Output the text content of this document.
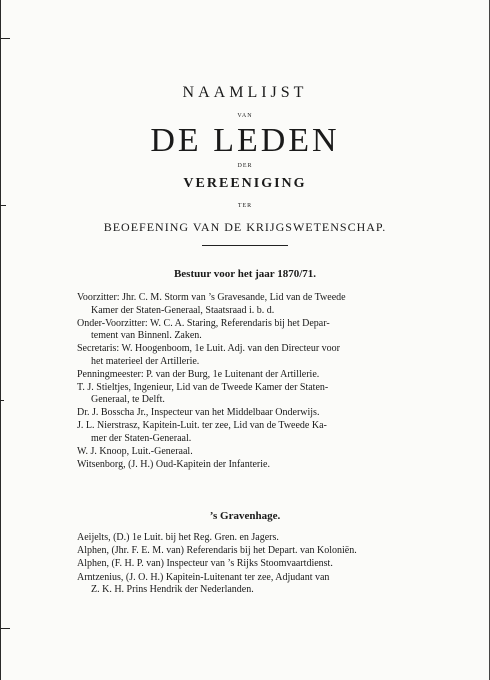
NAAMLIJST

VAN

DE LEDEN

DER

VEREENIGING

TER

BEOEFENING VAN DE KRIJGSWETENSCHAP.

Bestuur voor het jaar 1870/71.

Voorzitter: Jhr. C. M. Storm van ’s Gravesande, Lid van de Tweede
Kamer der Staten-Generaal, Staatsraad i. b. d.

Onder-Voorzitter: W. C. A. Staring, Referendaris bij het Depar-
tement van Binnenl. Zaken.

Secretaris: W. Hoogenboom, 1e Luit. Adj. van den Directeur voor
het materieel der Artillerie.

Penningmeester: P. van der Burg, 1e Luitenant der Artillerie.

T. J. Stieltjes, Ingenieur, Lid van de Tweede Kamer der Staten-
Generaal, te Delft.

Dr. J. Bosscha Jr., Inspecteur van het Middelbaar Onderwijs.

J. L. Nierstrasz, Kapitein-Luit. ter zee, Lid van de Tweede Ka-
mer der Staten-Generaal.

W. J. Knoop, Luit.-Generaal.

Witsenborg, (J. H.) Oud-Kapitein der Infanterie.

’s Gravenhage.

Aeijelts, (D.) 1e Luit. bij het Reg. Gren. en Jagers.

Alphen, (Jhr. F. E. M. van) Referendaris bij het Depart. van Koloniën.

Alphen, (F. H. P. van) Inspecteur van ’s Rijks Stoomvaartdienst.

Arntzenius, (J. O. H.) Kapitein-Luitenant ter zee, Adjudant van
Z. K. H. Prins Hendrik der Nederlanden.
